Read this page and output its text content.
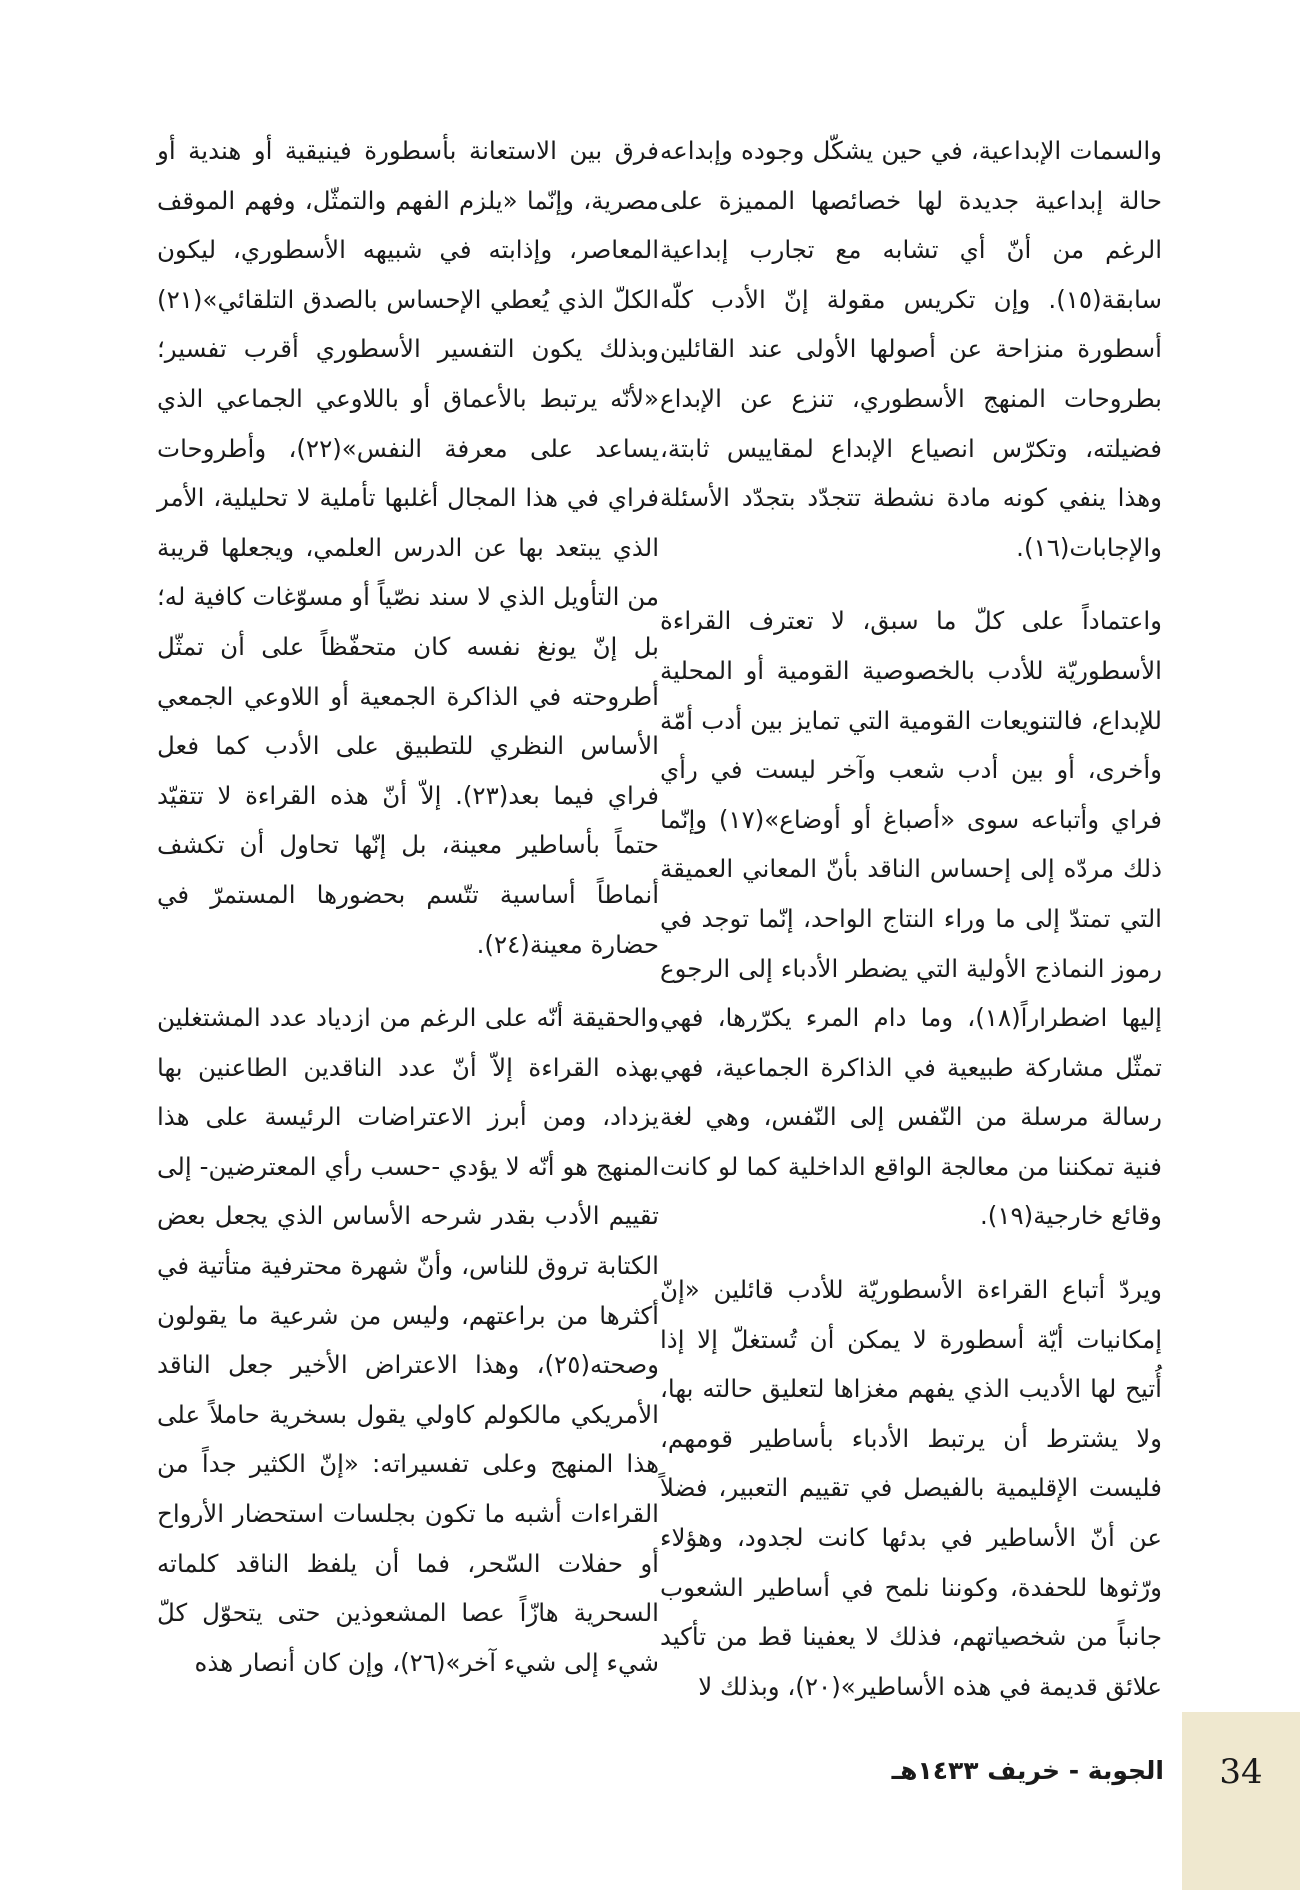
والسمات الإبداعية، في حين يشكّل وجوده وإبداعه حالة إبداعية جديدة لها خصائصها المميزة على الرغم من أنّ أي تشابه مع تجارب إبداعية سابقة(١٥). وإن تكريس مقولة إنّ الأدب كلّه أسطورة منزاحة عن أصولها الأولى عند القائلين بطروحات المنهج الأسطوري، تنزع عن الإبداع فضيلته، وتكرّس انصياع الإبداع لمقاييس ثابتة، وهذا ينفي كونه مادة نشطة تتجدّد بتجدّد الأسئلة والإجابات(١٦).

واعتماداً على كلّ ما سبق، لا تعترف القراءة الأسطوريّة للأدب بالخصوصية القومية أو المحلية للإبداع، فالتنويعات القومية التي تمايز بين أدب أمّة وأخرى، أو بين أدب شعب وآخر ليست في رأي فراي وأتباعه سوى «أصباغ أو أوضاع»(١٧) وإنّما ذلك مردّه إلى إحساس الناقد بأنّ المعاني العميقة التي تمتدّ إلى ما وراء النتاج الواحد، إنّما توجد في رموز النماذج الأولية التي يضطر الأدباء إلى الرجوع إليها اضطراراً(١٨)، وما دام المرء يكرّرها، فهي تمثّل مشاركة طبيعية في الذاكرة الجماعية، فهي رسالة مرسلة من النّفس إلى النّفس، وهي لغة فنية تمكننا من معالجة الواقع الداخلية كما لو كانت وقائع خارجية(١٩).

ويردّ أتباع القراءة الأسطوريّة للأدب قائلين «إنّ إمكانيات أيّة أسطورة لا يمكن أن تُستغلّ إلا إذا أُتيح لها الأديب الذي يفهم مغزاها لتعليق حالته بها، ولا يشترط أن يرتبط الأدباء بأساطير قومهم، فليست الإقليمية بالفيصل في تقييم التعبير، فضلاً عن أنّ الأساطير في بدئها كانت لجدود، وهؤلاء ورّثوها للحفدة، وكوننا نلمح في أساطير الشعوب جانباً من شخصياتهم، فذلك لا يعفينا قط من تأكيد علائق قديمة في هذه الأساطير»(٢٠)، وبذلك لا

فرق بين الاستعانة بأسطورة فينيقية أو هندية أو مصرية، وإنّما «يلزم الفهم والتمثّل، وفهم الموقف المعاصر، وإذابته في شبيهه الأسطوري، ليكون الكلّ الذي يُعطي الإحساس بالصدق التلقائي»(٢١) وبذلك يكون التفسير الأسطوري أقرب تفسير؛ «لأنّه يرتبط بالأعماق أو باللاوعي الجماعي الذي يساعد على معرفة النفس»(٢٢)، وأطروحات فراي في هذا المجال أغلبها تأملية لا تحليلية، الأمر الذي يبتعد بها عن الدرس العلمي، ويجعلها قريبة من التأويل الذي لا سند نصّياً أو مسوّغات كافية له؛ بل إنّ يونغ نفسه كان متحفّظاً على أن تمثّل أطروحته في الذاكرة الجمعية أو اللاوعي الجمعي الأساس النظري للتطبيق على الأدب كما فعل فراي فيما بعد(٢٣). إلاّ أنّ هذه القراءة لا تتقيّد حتماً بأساطير معينة، بل إنّها تحاول أن تكشف أنماطاً أساسية تتّسم بحضورها المستمرّ في حضارة معينة(٢٤).

والحقيقة أنّه على الرغم من ازدياد عدد المشتغلين بهذه القراءة إلاّ أنّ عدد الناقدين الطاعنين بها يزداد، ومن أبرز الاعتراضات الرئيسة على هذا المنهج هو أنّه لا يؤدي -حسب رأي المعترضين- إلى تقييم الأدب بقدر شرحه الأساس الذي يجعل بعض الكتابة تروق للناس، وأنّ شهرة محترفية متأتية في أكثرها من براعتهم، وليس من شرعية ما يقولون وصحته(٢٥)، وهذا الاعتراض الأخير جعل الناقد الأمريكي مالكولم كاولي يقول بسخرية حاملاً على هذا المنهج وعلى تفسيراته: «إنّ الكثير جداً من القراءات أشبه ما تكون بجلسات استحضار الأرواح أو حفلات السّحر، فما أن يلفظ الناقد كلماته السحرية هازّاً عصا المشعوذين حتى يتحوّل كلّ شيء إلى شيء آخر»(٢٦)، وإن كان أنصار هذه

34
الجوبة - خريف ١٤٣٣هـ
